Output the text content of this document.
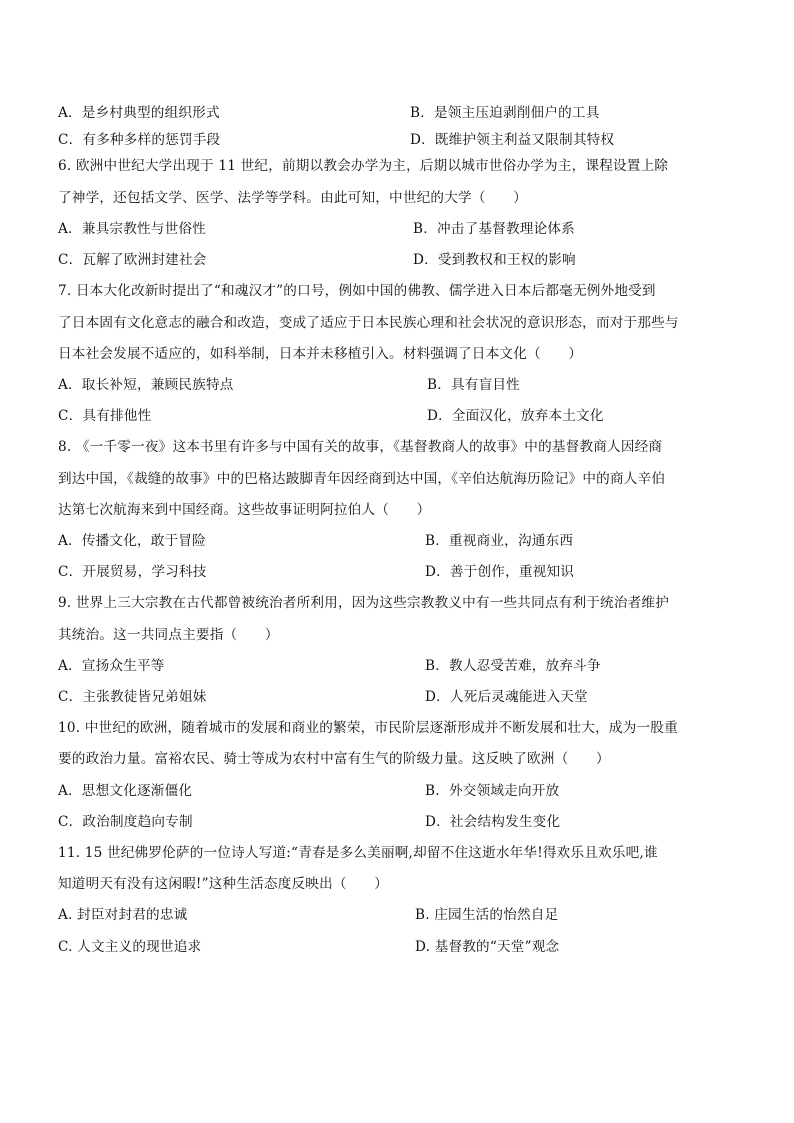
A．是乡村典型的组织形式	B．是领主压迫剥削佃户的工具
C．有多种多样的惩罚手段	D．既维护领主利益又限制其特权
6. 欧洲中世纪大学出现于 11 世纪，前期以教会办学为主，后期以城市世俗办学为主，课程设置上除
了神学，还包括文学、医学、法学等学科。由此可知，中世纪的大学（　　）
A．兼具宗教性与世俗性	B．冲击了基督教理论体系
C．瓦解了欧洲封建社会	D．受到教权和王权的影响
7. 日本大化改新时提出了“和魂汉才”的口号，例如中国的佛教、儒学进入日本后都毫无例外地受到
了日本固有文化意志的融合和改造，变成了适应于日本民族心理和社会状况的意识形态，而对于那些与
日本社会发展不适应的，如科举制，日本并未移植引入。材料强调了日本文化（　　）
A．取长补短，兼顾民族特点	B．具有盲目性
C．具有排他性	D．全面汉化，放弃本土文化
8. 《一千零一夜》这本书里有许多与中国有关的故事，《基督教商人的故事》中的基督教商人因经商
到达中国，《裁缝的故事》中的巴格达跛脚青年因经商到达中国，《辛伯达航海历险记》中的商人辛伯
达第七次航海来到中国经商。这些故事证明阿拉伯人（　　）
A．传播文化，敢于冒险	B．重视商业，沟通东西
C．开展贸易，学习科技	D．善于创作，重视知识
9. 世界上三大宗教在古代都曾被统治者所利用，因为这些宗教教义中有一些共同点有利于统治者维护
其统治。这一共同点主要指（　　）
A．宣扬众生平等	B．教人忍受苦难，放弃斗争
C．主张教徒皆兄弟姐妹	D．人死后灵魂能进入天堂
10. 中世纪的欧洲，随着城市的发展和商业的繁荣，市民阶层逐渐形成并不断发展和壮大，成为一股重
要的政治力量。富裕农民、骑士等成为农村中富有生气的阶级力量。这反映了欧洲（　　）
A．思想文化逐渐僵化	B．外交领域走向开放
C．政治制度趋向专制	D．社会结构发生变化
11. 15 世纪佛罗伦萨的一位诗人写道:“青春是多么美丽啊,却留不住这逝水年华!得欢乐且欢乐吧,谁
知道明天有没有这闲暇!”这种生活态度反映出（　　）
A. 封臣对封君的忠诚	B. 庄园生活的怡然自足
C. 人文主义的现世追求	D. 基督教的“天堂”观念
